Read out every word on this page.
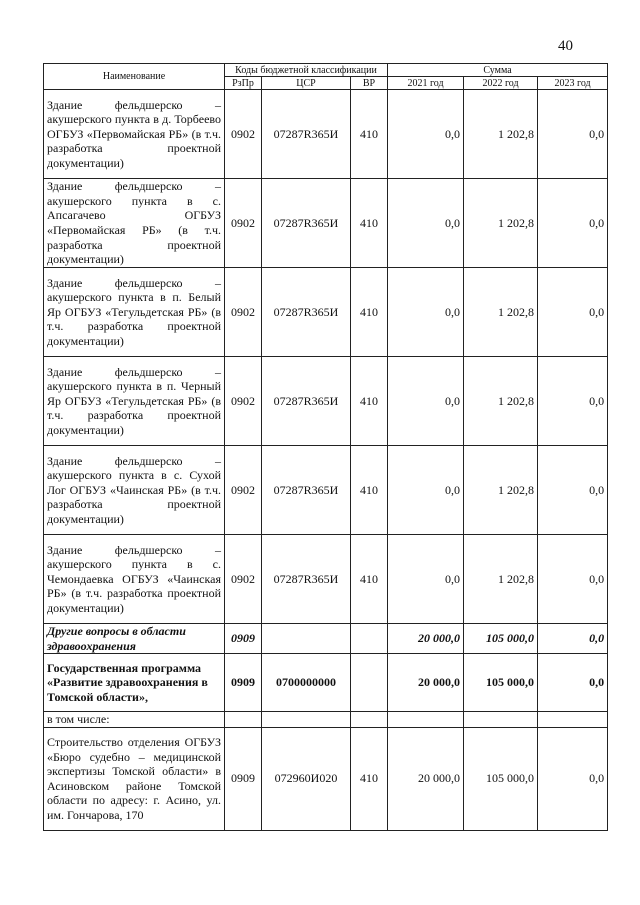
40
Наименование	Коды бюджетной классификации			Сумма		
	РзПр	ЦСР	ВР	2021 год	2022 год	2023 год
Здание фельдшерско – акушерского пункта в д. Торбеево ОГБУЗ «Первомайская РБ» (в т.ч. разработка проектной документации)	0902	07287R365И	410	0,0	1 202,8	0,0
Здание фельдшерско – акушерского пункта в с. Апсагачево ОГБУЗ «Первомайская РБ» (в т.ч. разработка проектной документации)	0902	07287R365И	410	0,0	1 202,8	0,0
Здание фельдшерско – акушерского пункта в п. Белый Яр ОГБУЗ «Тегульдетская РБ» (в т.ч. разработка проектной документации)	0902	07287R365И	410	0,0	1 202,8	0,0
Здание фельдшерско – акушерского пункта в п. Черный Яр ОГБУЗ «Тегульдетская РБ» (в т.ч. разработка проектной документации)	0902	07287R365И	410	0,0	1 202,8	0,0
Здание фельдшерско – акушерского пункта в с. Сухой Лог ОГБУЗ «Чаинская РБ» (в т.ч. разработка проектной документации)	0902	07287R365И	410	0,0	1 202,8	0,0
Здание фельдшерско – акушерского пункта в с. Чемондаевка ОГБУЗ «Чаинская РБ» (в т.ч. разработка проектной документации)	0902	07287R365И	410	0,0	1 202,8	0,0
Другие вопросы в области здравоохранения	0909			20 000,0	105 000,0	0,0
Государственная программа «Развитие здравоохранения в Томской области»,	0909	0700000000		20 000,0	105 000,0	0,0
в том числе:						
Строительство отделения ОГБУЗ «Бюро судебно – медицинской экспертизы Томской области» в Асиновском районе Томской области по адресу: г. Асино, ул. им. Гончарова, 170	0909	072960И020	410	20 000,0	105 000,0	0,0
